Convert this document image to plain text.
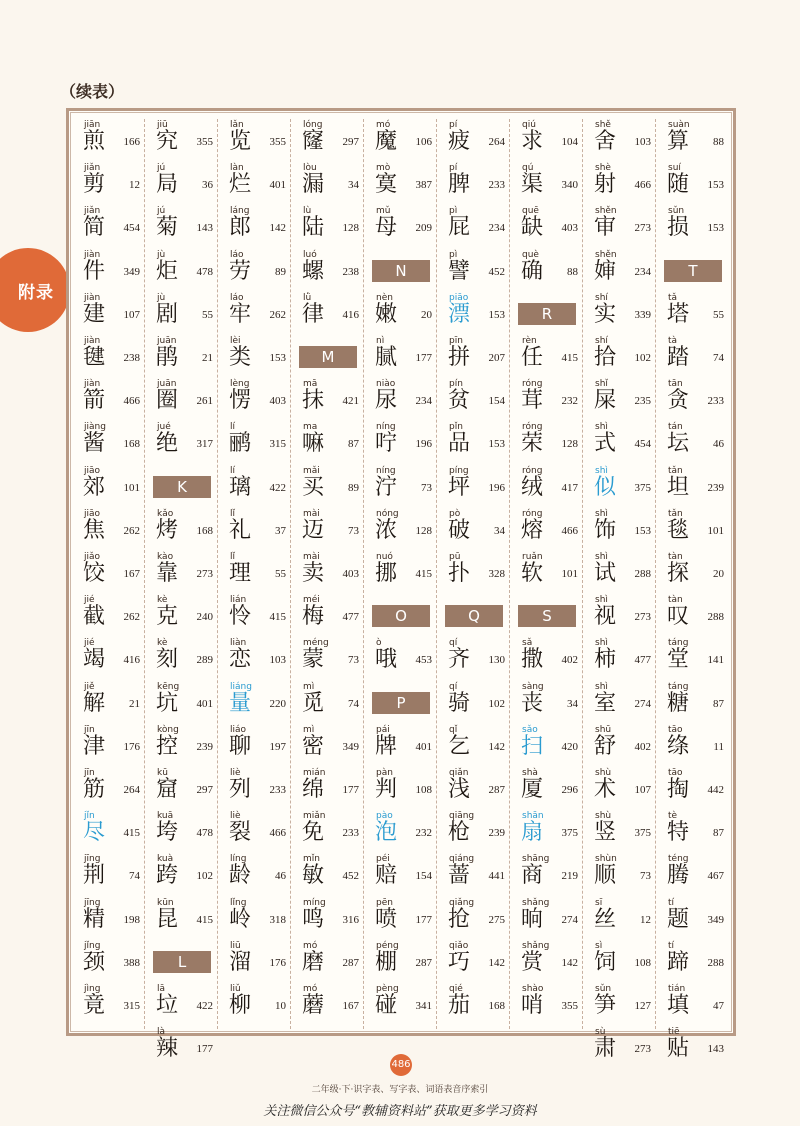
（续表）
附录
jiān
煎 166
jiǎn
剪 12
jiǎn
简 454
jiàn
件 349
jiàn
建 107
jiàn
毽 238
jiàn
箭 466
jiàng
酱 168
jiāo
郊 101
jiāo
焦 262
jiǎo
饺 167
jié
截 262
jié
竭 416
jiě
解 21
jīn
津 176
jīn
筋 264
jǐn
尽 415
jīng
荆 74
jīng
精 198
jǐng
颈 388
jìng
竟 315
jiū
究 355
jú
局 36
jú
菊 143
jù
炬 478
jù
剧 55
juān
鹃 21
juān
圈 261
jué
绝 317
K
kǎo
烤 168
kào
靠 273
kè
克 240
kè
刻 289
kēng
坑 401
kòng
控 239
kū
窟 297
kuā
垮 478
kuà
跨 102
kūn
昆 415
L
lā
垃 422
là
辣 177
lǎn
览 355
làn
烂 401
láng
郎 142
láo
劳 89
láo
牢 262
lèi
类 153
lèng
愣 403
lí
鹂 315
lí
璃 422
lǐ
礼 37
lǐ
理 55
lián
怜 415
liàn
恋 103
liáng
量 220
liáo
聊 197
liè
列 233
liè
裂 466
líng
龄 46
lǐng
岭 318
liū
溜 176
liǔ
柳 10
lóng
窿 297
lòu
漏 34
lù
陆 128
luó
螺 238
lǜ
律 416
M
mā
抹 421
ma
嘛 87
mǎi
买 89
mài
迈 73
mài
卖 403
méi
梅 477
méng
蒙 73
mì
觅 74
mì
密 349
mián
绵 177
miǎn
免 233
mǐn
敏 452
míng
鸣 316
mó
磨 287
mó
蘑 167
mó
魔 106
mò
寞 387
mǔ
母 209
N
nèn
嫩 20
nì
腻 177
niào
尿 234
níng
咛 196
níng
泞 73
nóng
浓 128
nuó
挪 415
O
ò
哦 453
P
pái
牌 401
pàn
判 108
pào
泡 232
péi
赔 154
pēn
喷 177
péng
棚 287
pèng
碰 341
pí
疲 264
pí
脾 233
pì
屁 234
pì
譬 452
piāo
漂 153
pīn
拼 207
pín
贫 154
pǐn
品 153
píng
坪 196
pò
破 34
pū
扑 328
Q
qí
齐 130
qí
骑 102
qǐ
乞 142
qiǎn
浅 287
qiāng
枪 239
qiáng
蔷 441
qiǎng
抢 275
qiǎo
巧 142
qié
茄 168
qiú
求 104
qú
渠 340
quē
缺 403
què
确 88
R
rèn
任 415
róng
茸 232
róng
荣 128
róng
绒 417
róng
熔 466
ruǎn
软 101
S
sǎ
撒 402
sàng
丧 34
sǎo
扫 420
shà
厦 296
shān
扇 375
shāng
商 219
shǎng
晌 274
shǎng
赏 142
shào
哨 355
shě
舍 103
shè
射 466
shěn
审 273
shěn
婶 234
shí
实 339
shí
拾 102
shǐ
屎 235
shì
式 454
shì
似 375
shì
饰 153
shì
试 288
shì
视 273
shì
柿 477
shì
室 274
shū
舒 402
shù
术 107
shù
竖 375
shùn
顺 73
sī
丝 12
sì
饲 108
sǔn
笋 127
sù
肃 273
suàn
算 88
suí
随 153
sǔn
损 153
T
tǎ
塔 55
tà
踏 74
tān
贪 233
tán
坛 46
tǎn
坦 239
tǎn
毯 101
tàn
探 20
tàn
叹 288
táng
堂 141
táng
糖 87
tāo
绦 11
tāo
掏 442
tè
特 87
téng
腾 467
tí
题 349
tí
蹄 288
tián
填 47
tiē
贴 143
486
二年级·下·识字表、写字表、词语表音序索引
关注微信公众号“教辅资料站”获取更多学习资料
